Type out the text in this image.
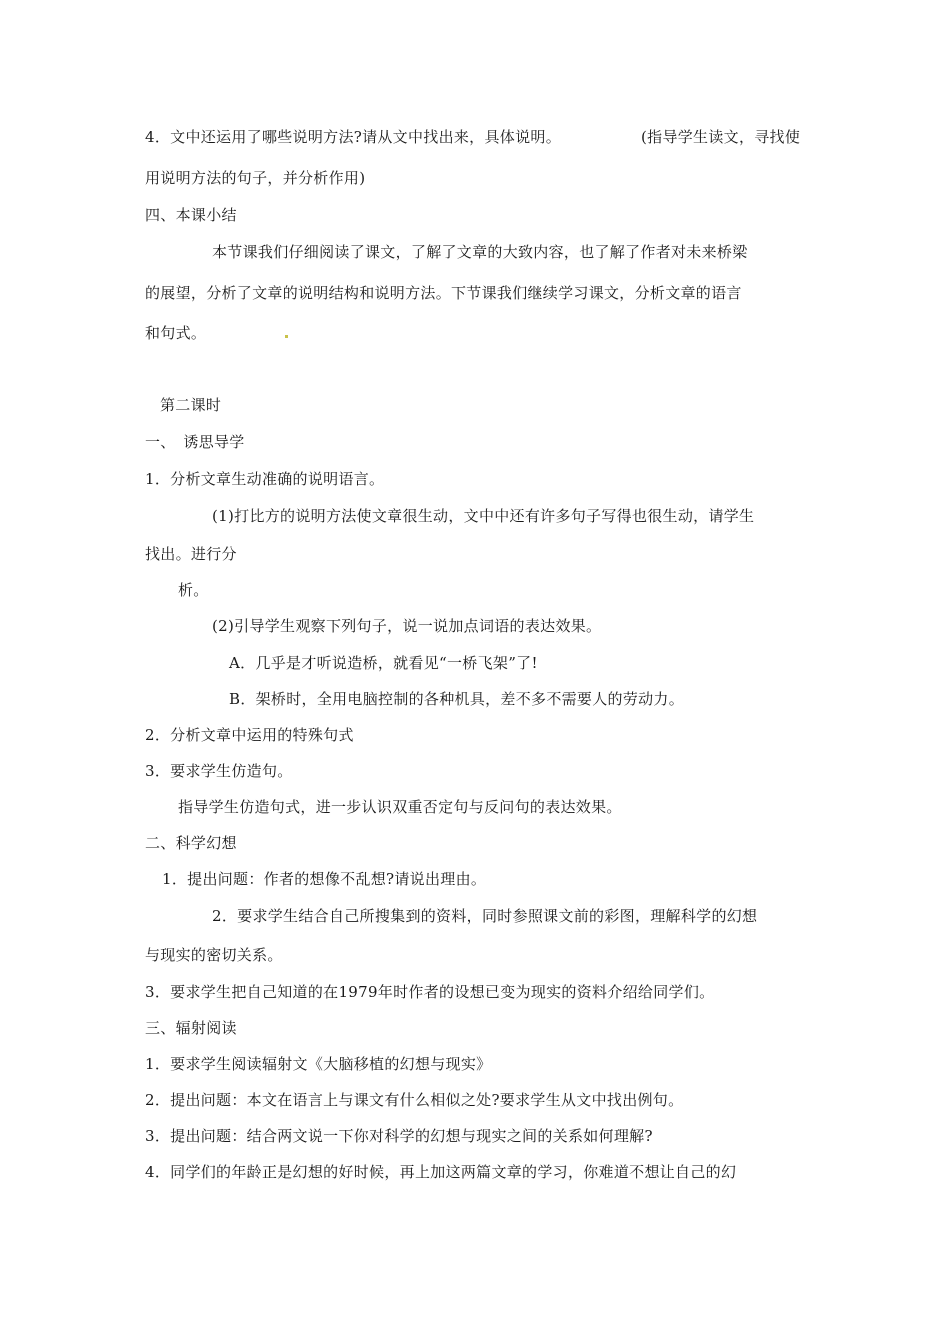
4．文中还运用了哪些说明方法?请从文中找出来，具体说明。	(指导学生读文，寻找使
用说明方法的句子，并分析作用)
四、本课小结
本节课我们仔细阅读了课文，了解了文章的大致内容，也了解了作者对未来桥梁
的展望，分析了文章的说明结构和说明方法。下节课我们继续学习课文，分析文章的语言
和句式。
第二课时
一、　诱思导学
1．分析文章生动准确的说明语言。
(1)打比方的说明方法使文章很生动，文中中还有许多句子写得也很生动，请学生
找出。进行分
析。
(2)引导学生观察下列句子，说一说加点词语的表达效果。
A．几乎是才听说造桥，就看见“一桥飞架”了!
B．架桥时，全用电脑控制的各种机具，差不多不需要人的劳动力。
2．分析文章中运用的特殊句式
3．要求学生仿造句。
指导学生仿造句式，进一步认识双重否定句与反问句的表达效果。
二、科学幻想
1．提出问题：作者的想像不乱想?请说出理由。
2．要求学生结合自己所搜集到的资料，同时参照课文前的彩图，理解科学的幻想
与现实的密切关系。
3．要求学生把自己知道的在1979年时作者的设想已变为现实的资料介绍给同学们。
三、辐射阅读
1．要求学生阅读辐射文《大脑移植的幻想与现实》
2．提出问题：本文在语言上与课文有什么相似之处?要求学生从文中找出例句。
3．提出问题：结合两文说一下你对科学的幻想与现实之间的关系如何理解?
4．同学们的年龄正是幻想的好时候，再上加这两篇文章的学习，你难道不想让自己的幻
